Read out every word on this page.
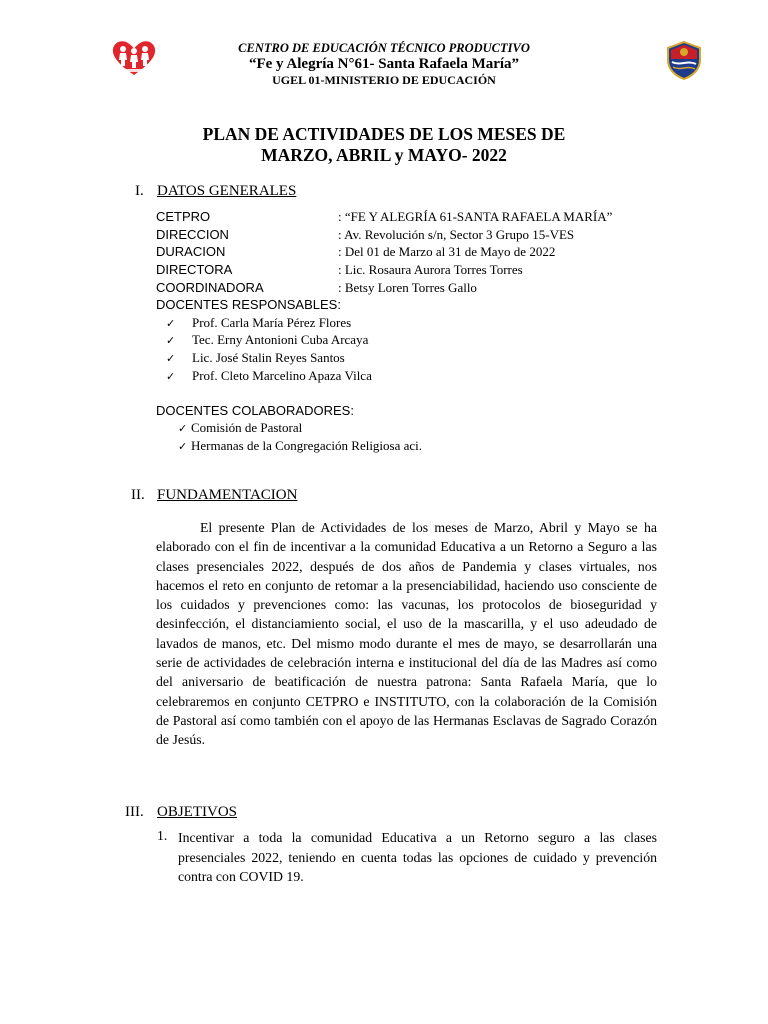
CENTRO DE EDUCACIÓN TÉCNICO PRODUCTIVO
“Fe y Alegría N°61- Santa Rafaela María”
UGEL 01-MINISTERIO DE EDUCACIÓN
PLAN DE ACTIVIDADES DE LOS MESES DE
MARZO, ABRIL y MAYO- 2022
I. DATOS GENERALES
CETPRO	: “FE Y ALEGRÍA 61-SANTA RAFAELA MARÍA”
DIRECCION	: Av. Revolución s/n, Sector 3 Grupo 15-VES
DURACION	: Del 01 de Marzo al 31 de Mayo de 2022
DIRECTORA	: Lic. Rosaura Aurora Torres Torres
COORDINADORA	: Betsy Loren Torres Gallo
DOCENTES RESPONSABLES:
✓ Prof. Carla María Pérez Flores
✓ Tec. Erny Antonioni Cuba Arcaya
✓ Lic. José Stalin Reyes Santos
✓ Prof. Cleto Marcelino Apaza Vilca
DOCENTES COLABORADORES:
✓ Comisión de Pastoral
✓ Hermanas de la Congregación Religiosa aci.
II. FUNDAMENTACION
El presente Plan de Actividades de los meses de Marzo, Abril y Mayo se ha elaborado con el fin de incentivar a la comunidad Educativa a un Retorno a Seguro a las clases presenciales 2022, después de dos años de Pandemia y clases virtuales, nos hacemos el reto en conjunto de retomar a la presenciabilidad, haciendo uso consciente de los cuidados y prevenciones como: las vacunas, los protocolos de bioseguridad y desinfección, el distanciamiento social, el uso de la mascarilla, y el uso adeudado de lavados de manos, etc. Del mismo modo durante el mes de mayo, se desarrollarán una serie de actividades de celebración interna e institucional del día de las Madres así como del aniversario de beatificación de nuestra patrona: Santa Rafaela María, que lo celebraremos en conjunto CETPRO e INSTITUTO, con la colaboración de la Comisión de Pastoral así como también con el apoyo de las Hermanas Esclavas de Sagrado Corazón de Jesús.
III. OBJETIVOS
1. Incentivar a toda la comunidad Educativa a un Retorno seguro a las clases presenciales 2022, teniendo en cuenta todas las opciones de cuidado y prevención contra con COVID 19.
